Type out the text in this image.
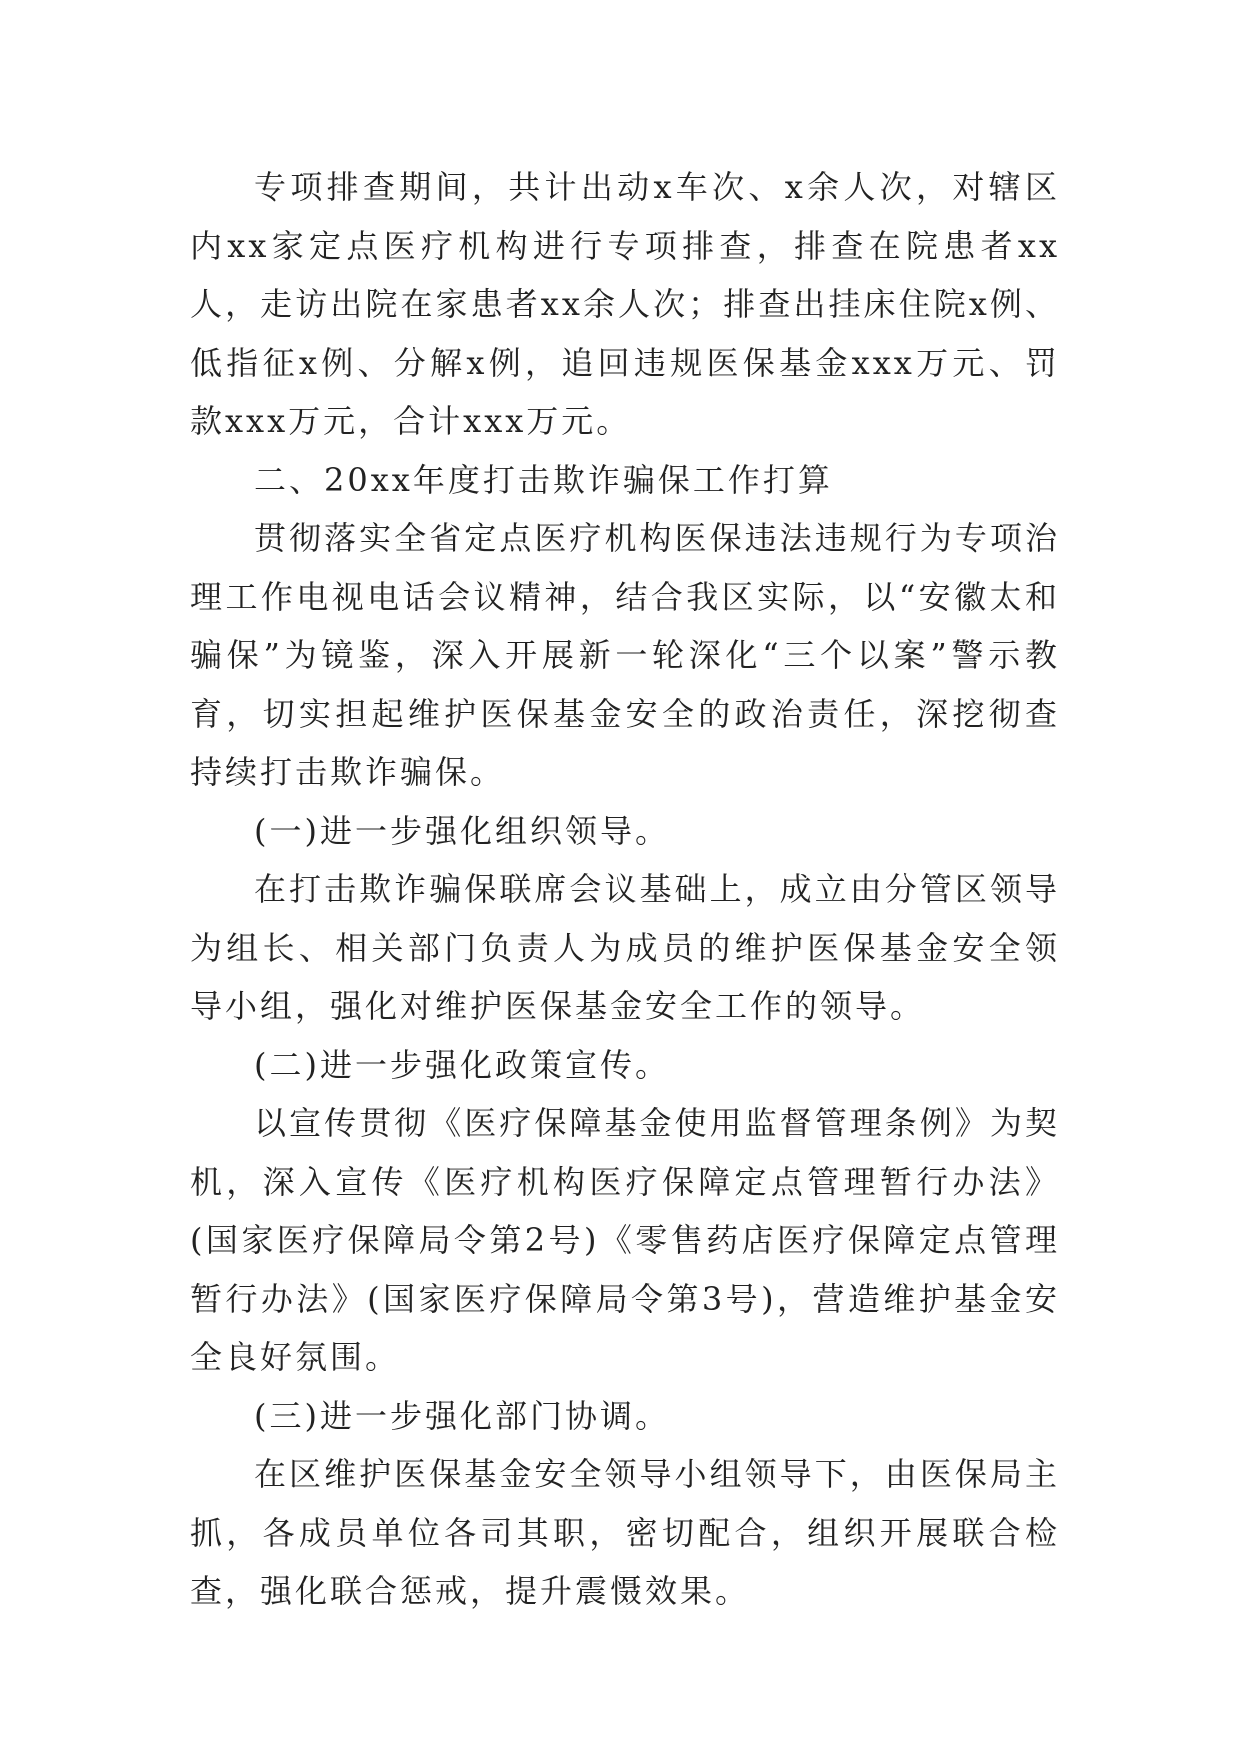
专项排查期间，共计出动x车次、x余人次，对辖区内xx家定点医疗机构进行专项排查，排查在院患者xx人，走访出院在家患者xx余人次；排查出挂床住院x例、低指征x例、分解x例，追回违规医保基金xxx万元、罚款xxx万元，合计xxx万元。

二、20xx年度打击欺诈骗保工作打算

贯彻落实全省定点医疗机构医保违法违规行为专项治理工作电视电话会议精神，结合我区实际，以“安徽太和骗保”为镜鉴，深入开展新一轮深化“三个以案”警示教育，切实担起维护医保基金安全的政治责任，深挖彻查持续打击欺诈骗保。

(一)进一步强化组织领导。

在打击欺诈骗保联席会议基础上，成立由分管区领导为组长、相关部门负责人为成员的维护医保基金安全领导小组，强化对维护医保基金安全工作的领导。

(二)进一步强化政策宣传。

以宣传贯彻《医疗保障基金使用监督管理条例》为契机，深入宣传《医疗机构医疗保障定点管理暂行办法》(国家医疗保障局令第2号)《零售药店医疗保障定点管理暂行办法》(国家医疗保障局令第3号)，营造维护基金安全良好氛围。

(三)进一步强化部门协调。

在区维护医保基金安全领导小组领导下，由医保局主抓，各成员单位各司其职，密切配合，组织开展联合检查，强化联合惩戒，提升震慑效果。
